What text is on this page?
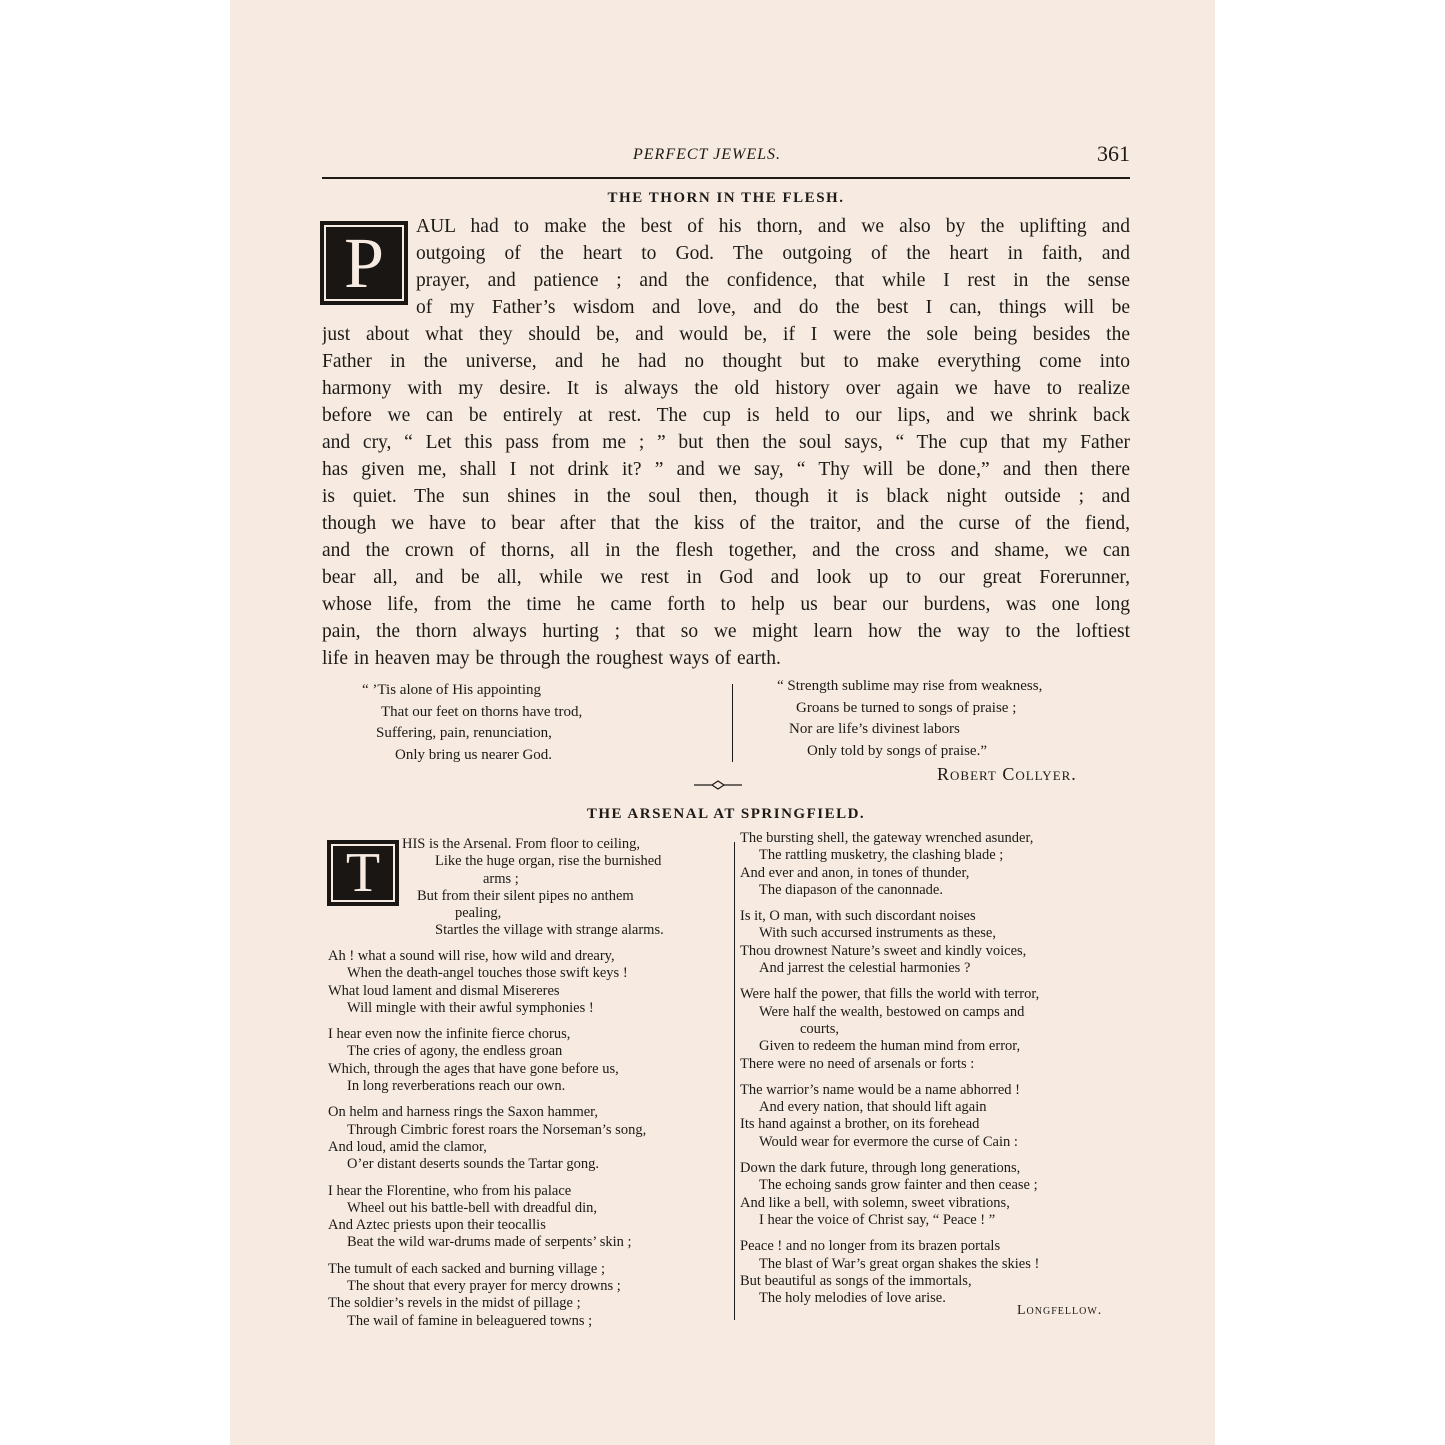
PERFECT JEWELS.	361
THE THORN IN THE FLESH.
P AUL had to make the best of his thorn, and we also by the uplifting and
outgoing of the heart to God. The outgoing of the heart in faith, and
prayer, and patience ; and the confidence, that while I rest in the sense
of my Father’s wisdom and love, and do the best I can, things will be
just about what they should be, and would be, if I were the sole being besides the
Father in the universe, and he had no thought but to make everything come into
harmony with my desire. It is always the old history over again we have to realize
before we can be entirely at rest. The cup is held to our lips, and we shrink back
and cry, “ Let this pass from me ; ” but then the soul says, “ The cup that my Father
has given me, shall I not drink it? ” and we say, “ Thy will be done,” and then there
is quiet. The sun shines in the soul then, though it is black night outside ; and
though we have to bear after that the kiss of the traitor, and the curse of the fiend,
and the crown of thorns, all in the flesh together, and the cross and shame, we can
bear all, and be all, while we rest in God and look up to our great Forerunner,
whose life, from the time he came forth to help us bear our burdens, was one long
pain, the thorn always hurting ; that so we might learn how the way to the loftiest
life in heaven may be through the roughest ways of earth.
“ ’Tis alone of His appointing
That our feet on thorns have trod,
Suffering, pain, renunciation,
Only bring us nearer God.
“ Strength sublime may rise from weakness,
Groans be turned to songs of praise ;
Nor are life’s divinest labors
Only told by songs of praise.”
Robert Collyer.
THE ARSENAL AT SPRINGFIELD.
T	HIS is the Arsenal. From floor to ceiling,
Like the huge organ, rise the burnished
arms ;
But from their silent pipes no anthem
pealing,
Startles the village with strange alarms.
Ah ! what a sound will rise, how wild and dreary,
When the death-angel touches those swift keys !
What loud lament and dismal Misereres
Will mingle with their awful symphonies !
I hear even now the infinite fierce chorus,
The cries of agony, the endless groan
Which, through the ages that have gone before us,
In long reverberations reach our own.
On helm and harness rings the Saxon hammer,
Through Cimbric forest roars the Norseman’s song,
And loud, amid the clamor,
O’er distant deserts sounds the Tartar gong.
I hear the Florentine, who from his palace
Wheel out his battle-bell with dreadful din,
And Aztec priests upon their teocallis
Beat the wild war-drums made of serpents’ skin ;
The tumult of each sacked and burning village ;
The shout that every prayer for mercy drowns ;
The soldier’s revels in the midst of pillage ;
The wail of famine in beleaguered towns ;
The bursting shell, the gateway wrenched asunder,
The rattling musketry, the clashing blade ;
And ever and anon, in tones of thunder,
The diapason of the canonnade.
Is it, O man, with such discordant noises
With such accursed instruments as these,
Thou drownest Nature’s sweet and kindly voices,
And jarrest the celestial harmonies ?
Were half the power, that fills the world with terror,
Were half the wealth, bestowed on camps and
courts,
Given to redeem the human mind from error,
There were no need of arsenals or forts :
The warrior’s name would be a name abhorred !
And every nation, that should lift again
Its hand against a brother, on its forehead
Would wear for evermore the curse of Cain :
Down the dark future, through long generations,
The echoing sands grow fainter and then cease ;
And like a bell, with solemn, sweet vibrations,
I hear the voice of Christ say, “ Peace ! ”
Peace ! and no longer from its brazen portals
The blast of War’s great organ shakes the skies !
But beautiful as songs of the immortals,
The holy melodies of love arise.
Longfellow.
